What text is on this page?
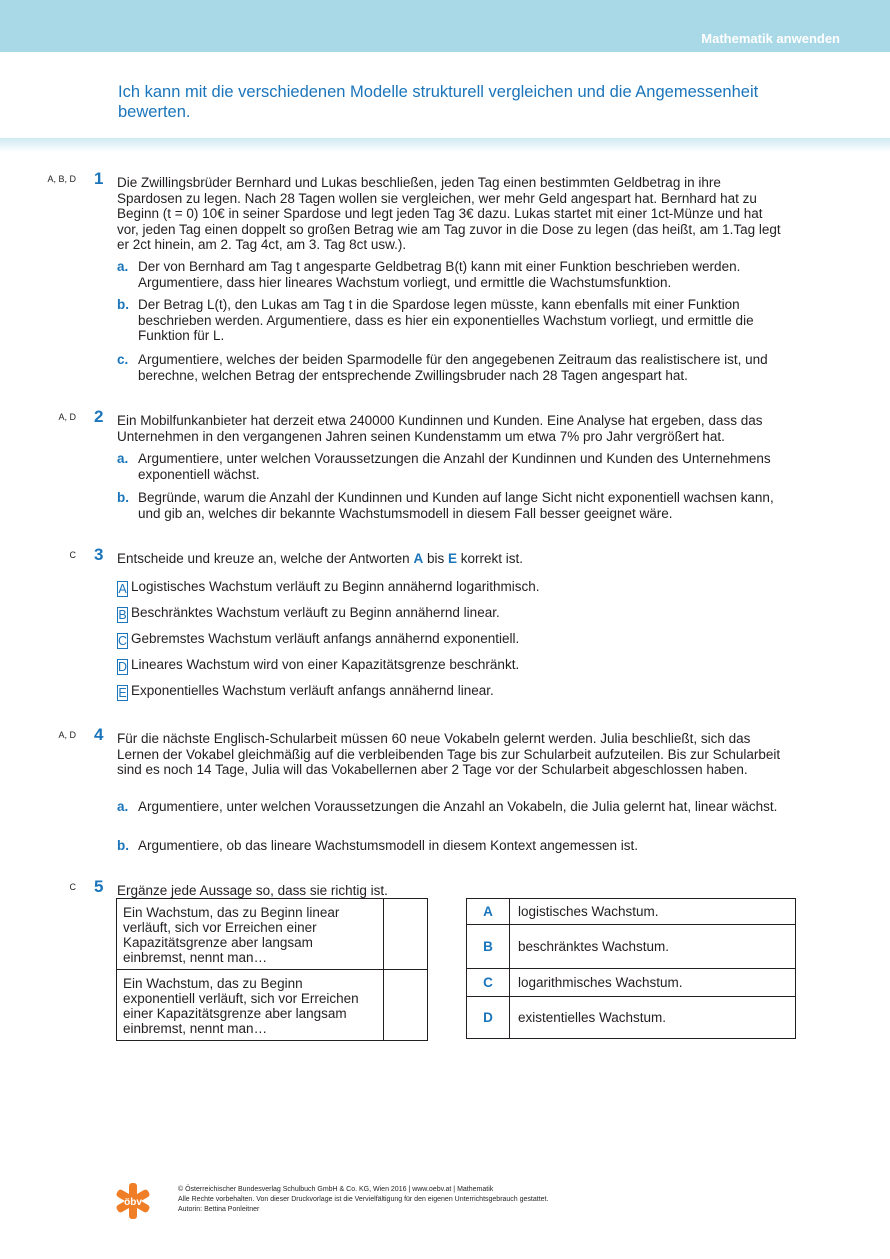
Mathematik anwenden
Ich kann mit die verschiedenen Modelle strukturell vergleichen und die Angemessenheit bewerten.
A, B, D 1 Die Zwillingsbrüder Bernhard und Lukas beschließen, jeden Tag einen bestimmten Geldbetrag in ihre Spardosen zu legen. Nach 28 Tagen wollen sie vergleichen, wer mehr Geld angespart hat. Bernhard hat zu Beginn (t = 0) 10€ in seiner Spardose und legt jeden Tag 3€ dazu. Lukas startet mit einer 1ct-Münze und hat vor, jeden Tag einen doppelt so großen Betrag wie am Tag zuvor in die Dose zu legen (das heißt, am 1.Tag legt er 2ct hinein, am 2. Tag 4ct, am 3. Tag 8ct usw.).
a. Der von Bernhard am Tag t angesparte Geldbetrag B(t) kann mit einer Funktion beschrieben werden. Argumentiere, dass hier lineares Wachstum vorliegt, und ermittle die Wachstumsfunktion.
b. Der Betrag L(t), den Lukas am Tag t in die Spardose legen müsste, kann ebenfalls mit einer Funktion beschrieben werden. Argumentiere, dass es hier ein exponentielles Wachstum vorliegt, und ermittle die Funktion für L.
c. Argumentiere, welches der beiden Sparmodelle für den angegebenen Zeitraum das realistischere ist, und berechne, welchen Betrag der entsprechende Zwillingsbruder nach 28 Tagen angespart hat.
A, D 2 Ein Mobilfunkanbieter hat derzeit etwa 240000 Kundinnen und Kunden. Eine Analyse hat ergeben, dass das Unternehmen in den vergangenen Jahren seinen Kundenstamm um etwa 7% pro Jahr vergrößert hat.
a. Argumentiere, unter welchen Voraussetzungen die Anzahl der Kundinnen und Kunden des Unternehmens exponentiell wächst.
b. Begründe, warum die Anzahl der Kundinnen und Kunden auf lange Sicht nicht exponentiell wachsen kann, und gib an, welches dir bekannte Wachstumsmodell in diesem Fall besser geeignet wäre.
C 3 Entscheide und kreuze an, welche der Antworten A bis E korrekt ist.
A Logistisches Wachstum verläuft zu Beginn annähernd logarithmisch.
B Beschränktes Wachstum verläuft zu Beginn annähernd linear.
C Gebremstes Wachstum verläuft anfangs annähernd exponentiell.
D Lineares Wachstum wird von einer Kapazitätsgrenze beschränkt.
E Exponentielles Wachstum verläuft anfangs annähernd linear.
A, D 4 Für die nächste Englisch-Schularbeit müssen 60 neue Vokabeln gelernt werden. Julia beschließt, sich das Lernen der Vokabel gleichmäßig auf die verbleibenden Tage bis zur Schularbeit aufzuteilen. Bis zur Schularbeit sind es noch 14 Tage, Julia will das Vokabellernen aber 2 Tage vor der Schularbeit abgeschlossen haben.
a. Argumentiere, unter welchen Voraussetzungen die Anzahl an Vokabeln, die Julia gelernt hat, linear wächst.
b. Argumentiere, ob das lineare Wachstumsmodell in diesem Kontext angemessen ist.
C 5 Ergänze jede Aussage so, dass sie richtig ist.
Ein Wachstum, das zu Beginn linear verläuft, sich vor Erreichen einer Kapazitätsgrenze aber langsam einbremst, nennt man…	
Ein Wachstum, das zu Beginn exponentiell verläuft, sich vor Erreichen einer Kapazitätsgrenze aber langsam einbremst, nennt man…	
A	logistisches Wachstum.
B	beschränktes Wachstum.
C	logarithmisches Wachstum.
D	existentielles Wachstum.
öbv
© Österreichischer Bundesverlag Schulbuch GmbH & Co. KG, Wien 2016 | www.oebv.at | Mathematik
Alle Rechte vorbehalten. Von dieser Druckvorlage ist die Vervielfältigung für den eigenen Unterrichtsgebrauch gestattet.
Autorin: Bettina Ponleitner
